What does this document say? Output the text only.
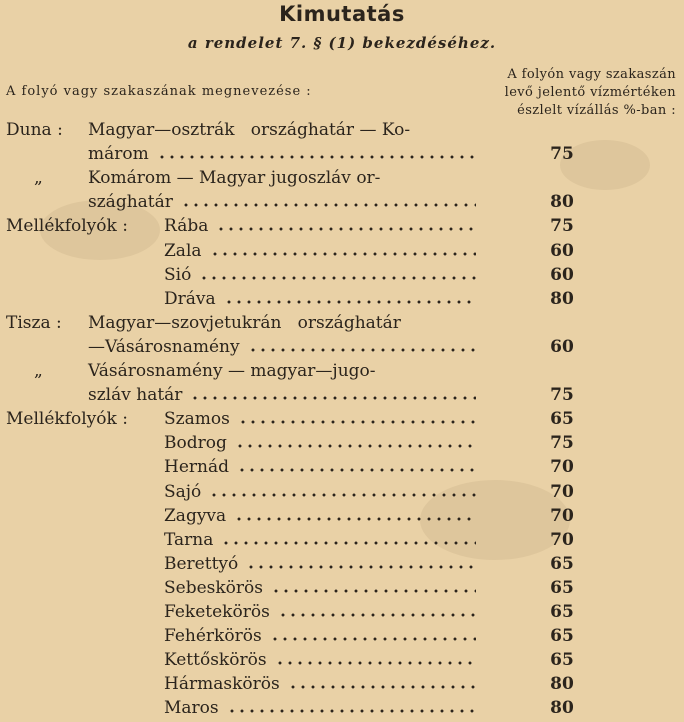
Kimutatás
a rendelet 7. § (1) bekezdéséhez.
A folyó vagy szakaszának megnevezése :
A folyón vagy szakaszán
levő jelentő vízmértéken
észlelt vízállás %-ban :
Duna : Magyar—osztrák   országhatár — Ko-
márom	75
„	Komárom — Magyar jugoszláv or-
szághatár	80
Mellékfolyók : Rába	75
Zala	60
Sió	60
Dráva	80
Tisza : Magyar—szovjetukrán   országhatár
—Vásárosnamény	60
„	Vásárosnamény — magyar—jugo-
szláv határ	75
Mellékfolyók : Szamos	65
Bodrog	75
Hernád	70
Sajó	70
Zagyva	70
Tarna	70
Berettyó	65
Sebeskörös	65
Feketekörös	65
Fehérkörös	65
Kettőskörös	65
Hármaskörös	80
Maros	80
